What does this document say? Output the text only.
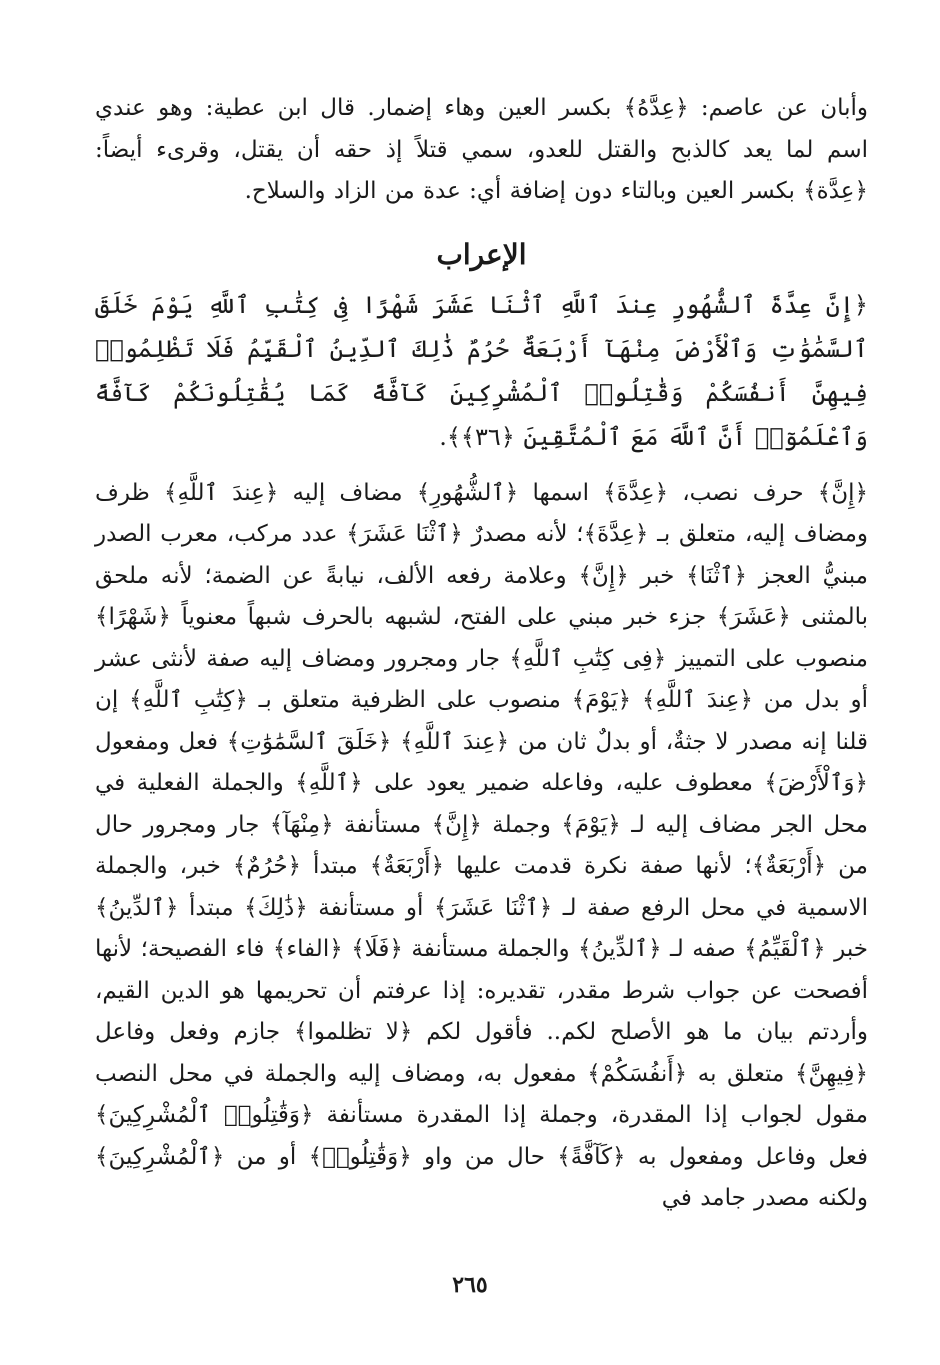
وأبان عن عاصم: ﴿عِدَّهُ﴾ بكسر العين وهاء إضمار. قال ابن عطية: وهو عندي اسم لما يعد كالذبح والقتل للعدو، سمي قتلاً إذ حقه أن يقتل، وقرىء أيضاً: ﴿عِدَّة﴾ بكسر العين وبالتاء دون إضافة أي: عدة من الزاد والسلاح.

الإعراب

﴿إِنَّ عِدَّةَ ٱلشُّهُورِ عِندَ ٱللَّهِ ٱثْنَا عَشَرَ شَهْرًا فِى كِتَٰبِ ٱللَّهِ يَوْمَ خَلَقَ ٱلسَّمَٰوَٰتِ وَٱلْأَرْضَ مِنْهَآ أَرْبَعَةٌ حُرُمٌ ذَٰلِكَ ٱلدِّينُ ٱلْقَيِّمُ فَلَا تَظْلِمُوا۟ فِيهِنَّ أَنفُسَكُمْ وَقَٰتِلُوا۟ ٱلْمُشْرِكِينَ كَآفَّةً كَمَا يُقَٰتِلُونَكُمْ كَآفَّةً وَٱعْلَمُوٓا۟ أَنَّ ٱللَّهَ مَعَ ٱلْمُتَّقِينَ ﴿٣٦﴾﴾.

﴿إِنَّ﴾ حرف نصب، ﴿عِدَّةَ﴾ اسمها ﴿ٱلشُّهُورِ﴾ مضاف إليه ﴿عِندَ ٱللَّهِ﴾ ظرف ومضاف إليه، متعلق بـ ﴿عِدَّةَ﴾؛ لأنه مصدرٌ ﴿ٱثْنَا عَشَرَ﴾ عدد مركب، معرب الصدر مبنيُّ العجز ﴿ٱثْنَا﴾ خبر ﴿إِنَّ﴾ وعلامة رفعه الألف، نيابةً عن الضمة؛ لأنه ملحق بالمثنى ﴿عَشَرَ﴾ جزء خبر مبني على الفتح، لشبهه بالحرف شبهاً معنوياً ﴿شَهْرًا﴾ منصوب على التمييز ﴿فِى كِتَٰبِ ٱللَّهِ﴾ جار ومجرور ومضاف إليه صفة لأنثى عشر أو بدل من ﴿عِندَ ٱللَّهِ﴾ ﴿يَوْمَ﴾ منصوب على الظرفية متعلق بـ ﴿كِتَٰبِ ٱللَّهِ﴾ إن قلنا إنه مصدر لا جثةٌ، أو بدلٌ ثان من ﴿عِندَ ٱللَّهِ﴾ ﴿خَلَقَ ٱلسَّمَٰوَٰتِ﴾ فعل ومفعول ﴿وَٱلْأَرْضَ﴾ معطوف عليه، وفاعله ضمير يعود على ﴿ٱللَّهِ﴾ والجملة الفعلية في محل الجر مضاف إليه لـ ﴿يَوْمَ﴾ وجملة ﴿إِنَّ﴾ مستأنفة ﴿مِنْهَآ﴾ جار ومجرور حال من ﴿أَرْبَعَةٌ﴾؛ لأنها صفة نكرة قدمت عليها ﴿أَرْبَعَةٌ﴾ مبتدأ ﴿حُرُمٌ﴾ خبر، والجملة الاسمية في محل الرفع صفة لـ ﴿ٱثْنَا عَشَرَ﴾ أو مستأنفة ﴿ذَٰلِكَ﴾ مبتدأ ﴿ٱلدِّينُ﴾ خبر ﴿ٱلْقَيِّمُ﴾ صفه لـ ﴿ٱلدِّينُ﴾ والجملة مستأنفة ﴿فَلَا﴾ ﴿الفاء﴾ فاء الفصيحة؛ لأنها أفصحت عن جواب شرط مقدر، تقديره: إذا عرفتم أن تحريمها هو الدين القيم، وأردتم بيان ما هو الأصلح لكم.. فأقول لكم ﴿لا تظلموا﴾ جازم وفعل وفاعل ﴿فِيهِنَّ﴾ متعلق به ﴿أَنفُسَكُمْ﴾ مفعول به، ومضاف إليه والجملة في محل النصب مقول لجواب إذا المقدرة، وجملة إذا المقدرة مستأنفة ﴿وَقَٰتِلُوا۟ ٱلْمُشْرِكِينَ﴾ فعل وفاعل ومفعول به ﴿كَآفَّةً﴾ حال من واو ﴿وَقَٰتِلُوا۟﴾ أو من ﴿ٱلْمُشْرِكِينَ﴾ ولكنه مصدر جامد في

٢٦٥
